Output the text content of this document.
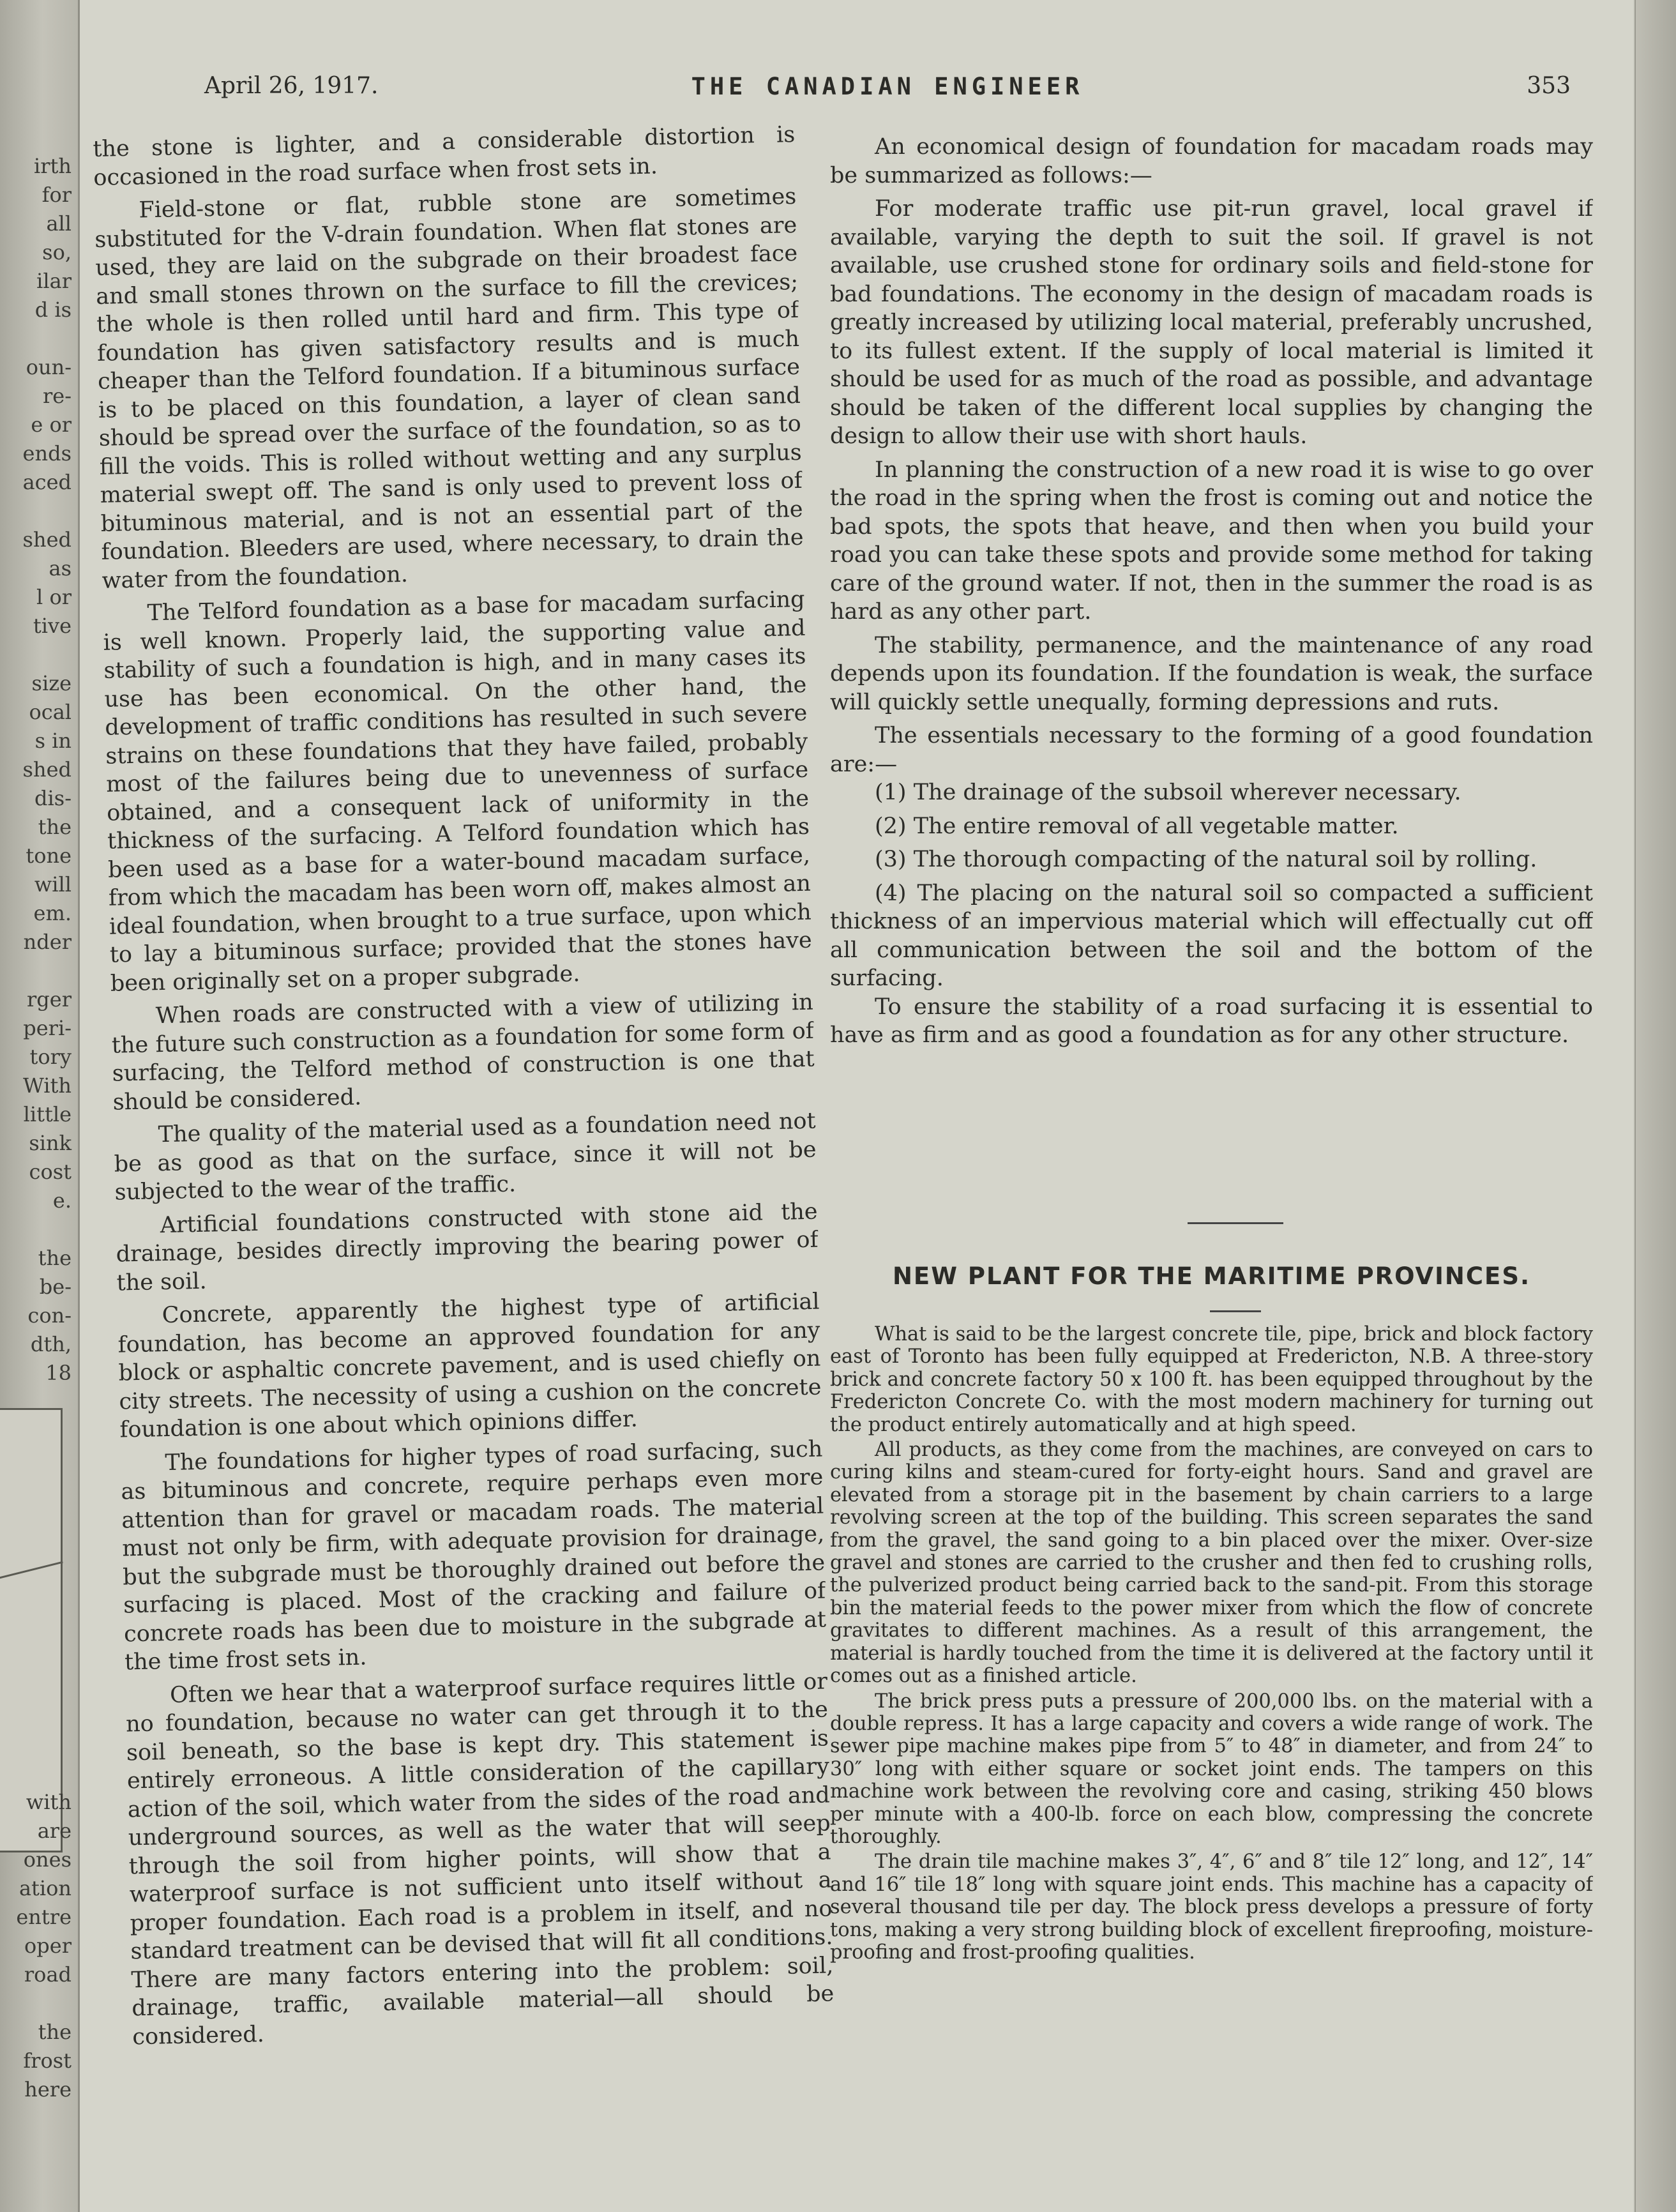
irth
for
all
so,
ilar
d is
oun-
re-
e or
ends
aced
shed
as
l or
tive
size
ocal
s in
shed
dis-
the
tone
will
em.
nder
rger
peri-
tory
With
little
sink
cost
e.
the
be-
con-
dth,
18
with
are
ones
ation
entre
oper
road
the
frost
here
April 26, 1917.	THE CANADIAN ENGINEER	353

the stone is lighter, and a considerable distortion is occasioned in the road surface when frost sets in.

Field-stone or flat, rubble stone are sometimes substituted for the V-drain foundation. When flat stones are used, they are laid on the subgrade on their broadest face and small stones thrown on the surface to fill the crevices; the whole is then rolled until hard and firm. This type of foundation has given satisfactory results and is much cheaper than the Telford foundation. If a bituminous surface is to be placed on this foundation, a layer of clean sand should be spread over the surface of the foundation, so as to fill the voids. This is rolled without wetting and any surplus material swept off. The sand is only used to prevent loss of bituminous material, and is not an essential part of the foundation. Bleeders are used, where necessary, to drain the water from the foundation.

The Telford foundation as a base for macadam surfacing is well known. Properly laid, the supporting value and stability of such a foundation is high, and in many cases its use has been economical. On the other hand, the development of traffic conditions has resulted in such severe strains on these foundations that they have failed, probably most of the failures being due to unevenness of surface obtained, and a consequent lack of uniformity in the thickness of the surfacing. A Telford foundation which has been used as a base for a water-bound macadam surface, from which the macadam has been worn off, makes almost an ideal foundation, when brought to a true surface, upon which to lay a bituminous surface; provided that the stones have been originally set on a proper subgrade.

When roads are constructed with a view of utilizing in the future such construction as a foundation for some form of surfacing, the Telford method of construction is one that should be considered.

The quality of the material used as a foundation need not be as good as that on the surface, since it will not be subjected to the wear of the traffic.

Artificial foundations constructed with stone aid the drainage, besides directly improving the bearing power of the soil.

Concrete, apparently the highest type of artificial foundation, has become an approved foundation for any block or asphaltic concrete pavement, and is used chiefly on city streets. The necessity of using a cushion on the concrete foundation is one about which opinions differ.

The foundations for higher types of road surfacing, such as bituminous and concrete, require perhaps even more attention than for gravel or macadam roads. The material must not only be firm, with adequate provision for drainage, but the subgrade must be thoroughly drained out before the surfacing is placed. Most of the cracking and failure of concrete roads has been due to moisture in the subgrade at the time frost sets in.

Often we hear that a waterproof surface requires little or no foundation, because no water can get through it to the soil beneath, so the base is kept dry. This statement is entirely erroneous. A little consideration of the capillary action of the soil, which water from the sides of the road and underground sources, as well as the water that will seep through the soil from higher points, will show that a waterproof surface is not sufficient unto itself without a proper foundation. Each road is a problem in itself, and no standard treatment can be devised that will fit all conditions. There are many factors entering into the problem: soil, drainage, traffic, available material—all should be considered.

An economical design of foundation for macadam roads may be summarized as follows:—

For moderate traffic use pit-run gravel, local gravel if available, varying the depth to suit the soil. If gravel is not available, use crushed stone for ordinary soils and field-stone for bad foundations. The economy in the design of macadam roads is greatly increased by utilizing local material, preferably uncrushed, to its fullest extent. If the supply of local material is limited it should be used for as much of the road as possible, and advantage should be taken of the different local supplies by changing the design to allow their use with short hauls.

In planning the construction of a new road it is wise to go over the road in the spring when the frost is coming out and notice the bad spots, the spots that heave, and then when you build your road you can take these spots and provide some method for taking care of the ground water. If not, then in the summer the road is as hard as any other part.

The stability, permanence, and the maintenance of any road depends upon its foundation. If the foundation is weak, the surface will quickly settle unequally, forming depressions and ruts.

The essentials necessary to the forming of a good foundation are:—

(1) The drainage of the subsoil wherever necessary.

(2) The entire removal of all vegetable matter.

(3) The thorough compacting of the natural soil by rolling.

(4) The placing on the natural soil so compacted a sufficient thickness of an impervious material which will effectually cut off all communication between the soil and the bottom of the surfacing.

To ensure the stability of a road surfacing it is essential to have as firm and as good a foundation as for any other structure.

NEW PLANT FOR THE MARITIME PROVINCES.

What is said to be the largest concrete tile, pipe, brick and block factory east of Toronto has been fully equipped at Fredericton, N.B. A three-story brick and concrete factory 50 x 100 ft. has been equipped throughout by the Fredericton Concrete Co. with the most modern machinery for turning out the product entirely automatically and at high speed.

All products, as they come from the machines, are conveyed on cars to curing kilns and steam-cured for forty-eight hours. Sand and gravel are elevated from a storage pit in the basement by chain carriers to a large revolving screen at the top of the building. This screen separates the sand from the gravel, the sand going to a bin placed over the mixer. Over-size gravel and stones are carried to the crusher and then fed to crushing rolls, the pulverized product being carried back to the sand-pit. From this storage bin the material feeds to the power mixer from which the flow of concrete gravitates to different machines. As a result of this arrangement, the material is hardly touched from the time it is delivered at the factory until it comes out as a finished article.

The brick press puts a pressure of 200,000 lbs. on the material with a double repress. It has a large capacity and covers a wide range of work. The sewer pipe machine makes pipe from 5″ to 48″ in diameter, and from 24″ to 30″ long with either square or socket joint ends. The tampers on this machine work between the revolving core and casing, striking 450 blows per minute with a 400-lb. force on each blow, compressing the concrete thoroughly.

The drain tile machine makes 3″, 4″, 6″ and 8″ tile 12″ long, and 12″, 14″ and 16″ tile 18″ long with square joint ends. This machine has a capacity of several thousand tile per day. The block press develops a pressure of forty tons, making a very strong building block of excellent fireproofing, moisture-proofing and frost-proofing qualities.
